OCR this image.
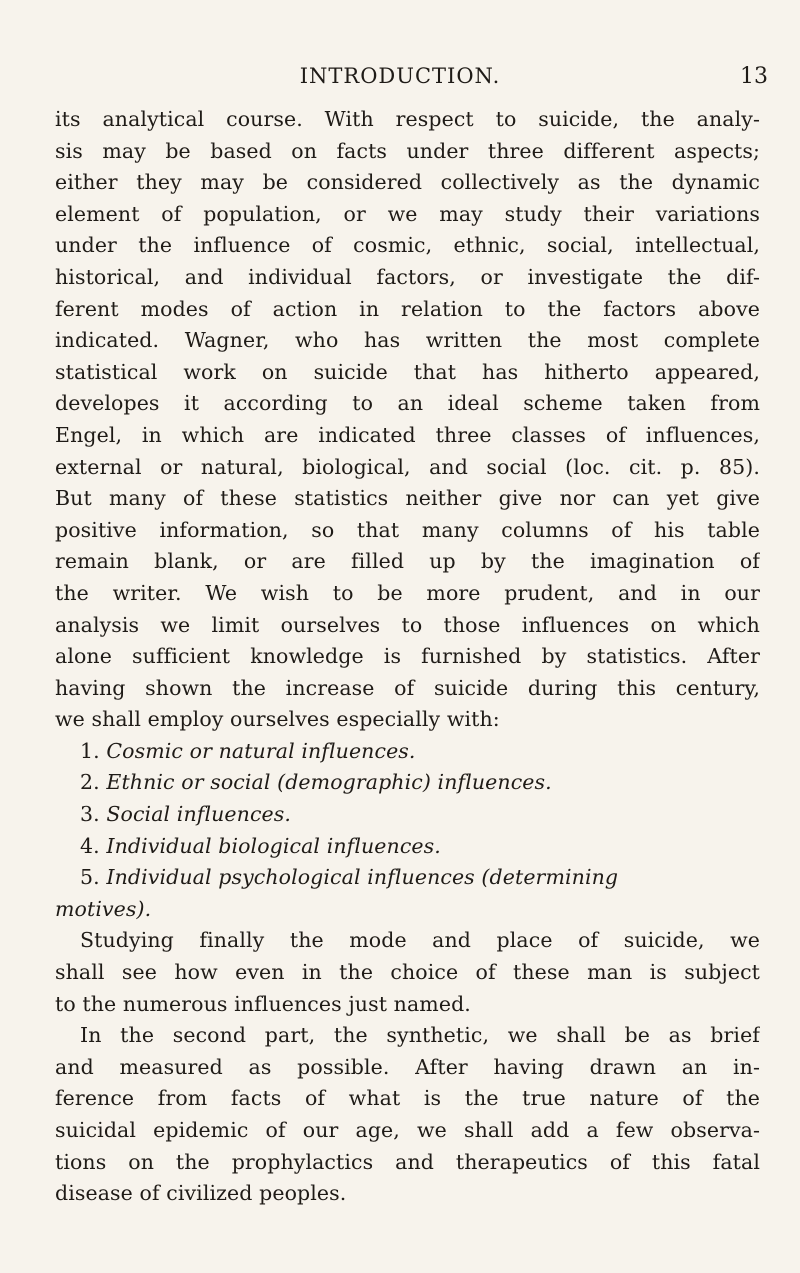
INTRODUCTION.	13
its analytical course. With respect to suicide, the analy-
sis may be based on facts under three different aspects;
either they may be considered collectively as the dynamic
element of population, or we may study their variations
under the influence of cosmic, ethnic, social, intellectual,
historical, and individual factors, or investigate the dif-
ferent modes of action in relation to the factors above
indicated. Wagner, who has written the most complete
statistical work on suicide that has hitherto appeared,
developes it according to an ideal scheme taken from
Engel, in which are indicated three classes of influences,
external or natural, biological, and social (loc. cit. p. 85).
But many of these statistics neither give nor can yet give
positive information, so that many columns of his table
remain blank, or are filled up by the imagination of
the writer. We wish to be more prudent, and in our
analysis we limit ourselves to those influences on which
alone sufficient knowledge is furnished by statistics. After
having shown the increase of suicide during this century,
we shall employ ourselves especially with:
1. Cosmic or natural influences.
2. Ethnic or social (demographic) influences.
3. Social influences.
4. Individual biological influences.
5. Individual psychological influences (determining
motives).
Studying finally the mode and place of suicide, we
shall see how even in the choice of these man is subject
to the numerous influences just named.
In the second part, the synthetic, we shall be as brief
and measured as possible. After having drawn an in-
ference from facts of what is the true nature of the
suicidal epidemic of our age, we shall add a few observa-
tions on the prophylactics and therapeutics of this fatal
disease of civilized peoples.
